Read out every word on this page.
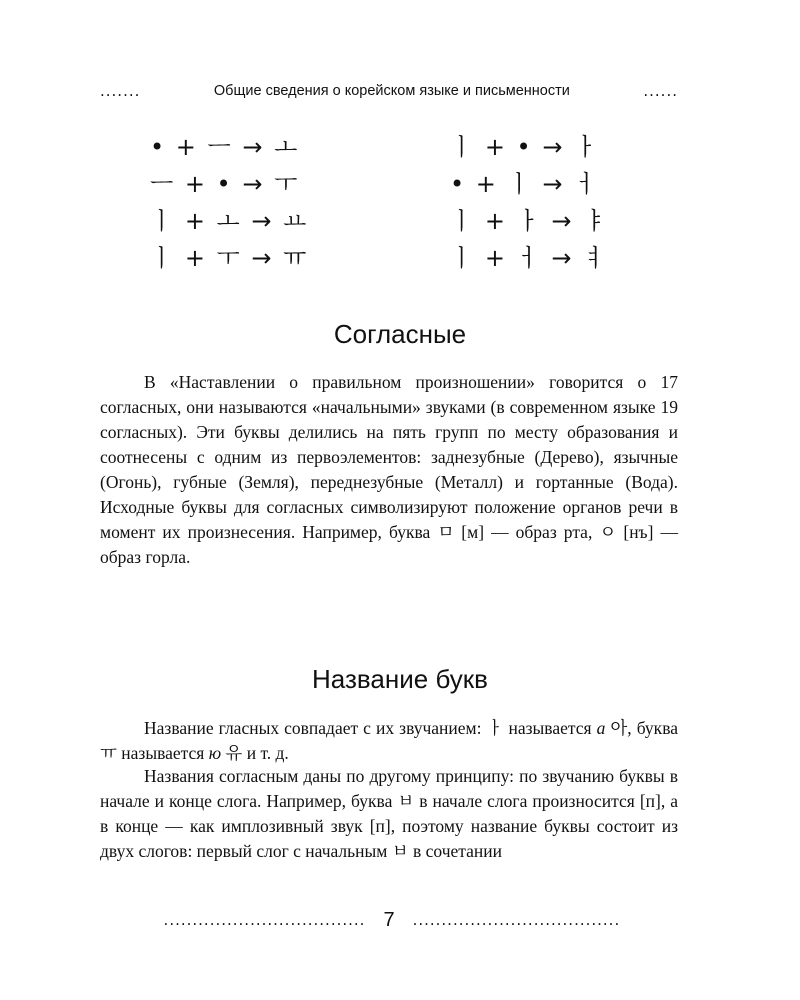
.......	Общие сведения о корейском языке и письменности	......
• + ㅡ → ㅗ
ㅡ + • → ㅜ
ㅣ + ㅗ → ㅛ
ㅣ + ㅜ → ㅠ
ㅣ + • → ㅏ
• + ㅣ → ㅓ
ㅣ + ㅏ → ㅑ
ㅣ + ㅓ → ㅕ
Согласные

В «Наставлении о правильном произношении» говорится о 17 согласных, они называются «начальными» звуками (в современном языке 19 согласных). Эти буквы делились на пять групп по месту образования и соотнесены с одним из первоэлементов: заднезубные (Дерево), язычные (Огонь), губные (Земля), переднезубные (Металл) и гортанные (Вода). Исходные буквы для согласных символизируют положение органов речи в момент их произнесения. Например, буква ㅁ [м] — образ рта, ㅇ [нъ] — образ горла.

Название букв

Название гласных совпадает с их звучанием: ㅏ называется а 아, буква ㅠ называется ю 유 и т. д.

Названия согласным даны по другому принципу: по звучанию буквы в начале и конце слога. Например, буква ㅂ в начале слога произносится [п], а в конце — как имплозивный звук [п], поэтому название буквы состоит из двух слогов: первый слог с начальным ㅂ в сочетании

................................... 7	....................................
